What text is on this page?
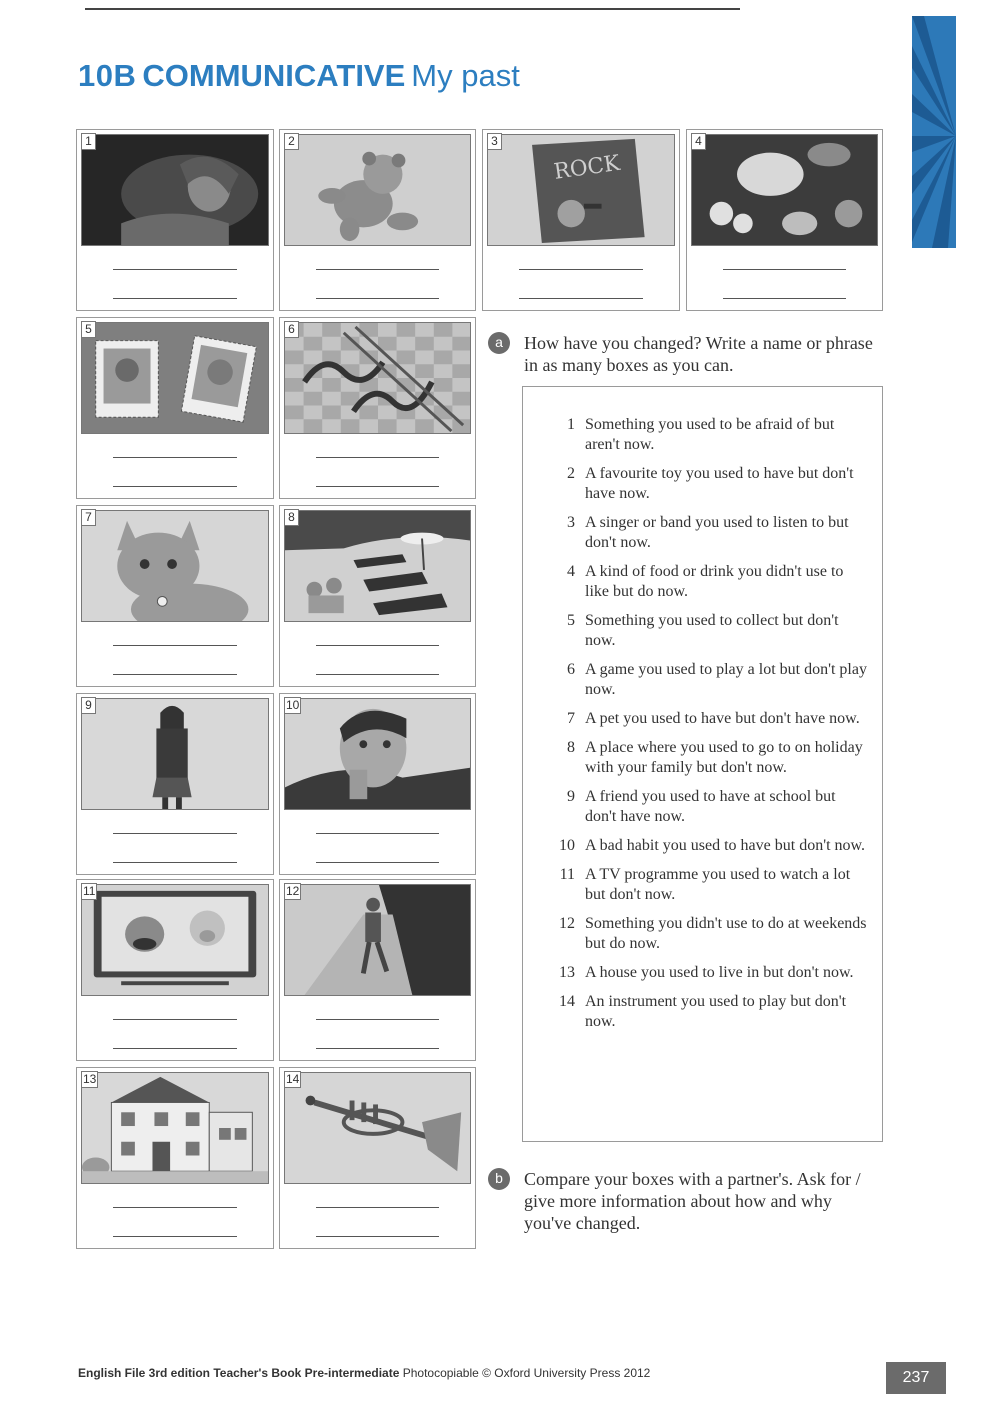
10B COMMUNICATIVE My past
1	2	3
ROCK
4
5	6
7	8
9	10
11	12
13	14
a	How have you changed? Write a name or phrase in as many boxes as you can.

1 Something you used to be afraid of but aren't now.
2 A favourite toy you used to have but don't have now.
3 A singer or band you used to listen to but don't now.
4 A kind of food or drink you didn't use to like but do now.
5 Something you used to collect but don't now.
6 A game you used to play a lot but don't play now.
7 A pet you used to have but don't have now.
8 A place where you used to go to on holiday with your family but don't now.
9 A friend you used to have at school but don't have now.
10 A bad habit you used to have but don't now.
11 A TV programme you used to watch a lot but don't now.
12 Something you didn't use to do at weekends but do now.
13 A house you used to live in but don't now.
14 An instrument you used to play but don't now.
b	Compare your boxes with a partner's. Ask for / give more information about how and why you've changed.

English File 3rd edition Teacher's Book Pre-intermediate Photocopiable © Oxford University Press 2012	237
